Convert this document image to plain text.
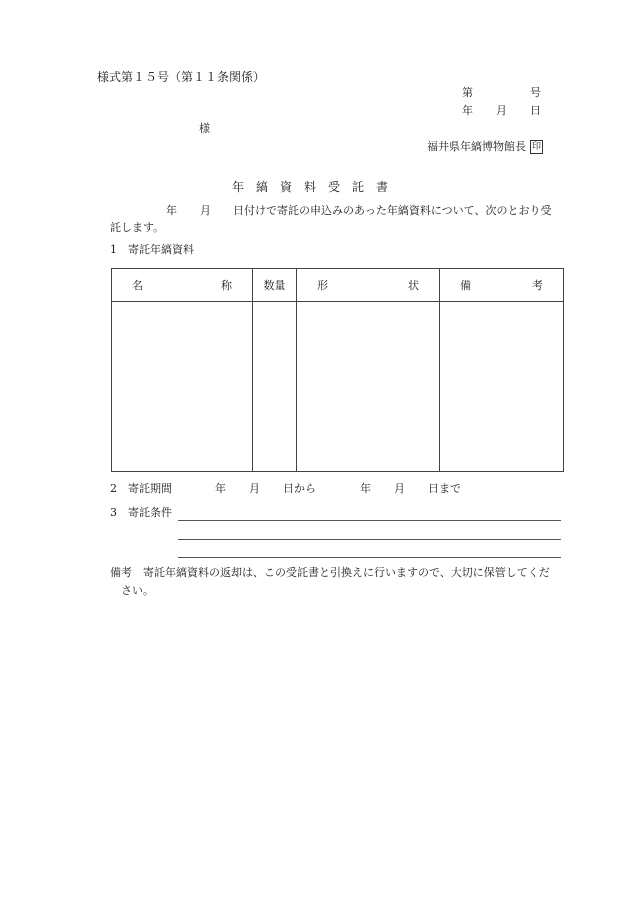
様式第１５号（第１１条関係）
第	号
年 月 日
様
福井県年縞博物館長 印
年　縞　資　料　受　託　書
年 月 日付けで寄託の申込みのあった年縞資料について、次のとおり受
託します。
1　寄託年縞資料
名 称	数量	形 状	備 考

2　寄託期間	年 月 日から	年 月 日まで
3　寄託条件
備考 寄託年縞資料の返却は、この受託書と引換えに行いますので、大切に保管してくだ
さい。
